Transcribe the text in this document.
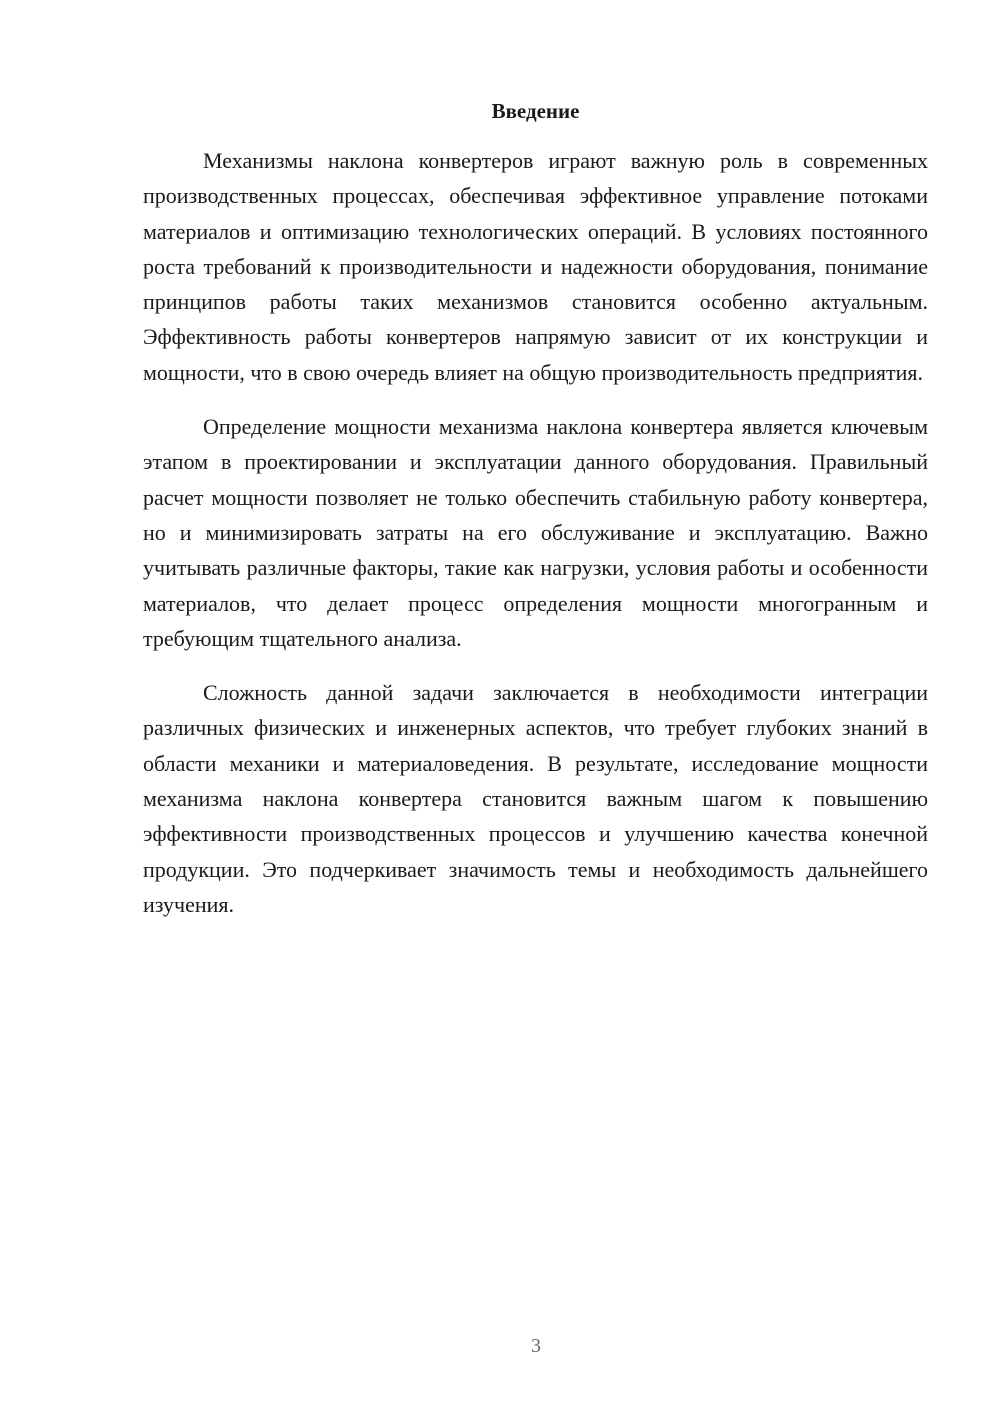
Введение

Механизмы наклона конвертеров играют важную роль в современных производственных процессах, обеспечивая эффективное управление потоками материалов и оптимизацию технологических операций. В условиях постоянного роста требований к производительности и надежности оборудования, понимание принципов работы таких механизмов становится особенно актуальным. Эффективность работы конвертеров напрямую зависит от их конструкции и мощности, что в свою очередь влияет на общую производительность предприятия.

Определение мощности механизма наклона конвертера является ключевым этапом в проектировании и эксплуатации данного оборудования. Правильный расчет мощности позволяет не только обеспечить стабильную работу конвертера, но и минимизировать затраты на его обслуживание и эксплуатацию. Важно учитывать различные факторы, такие как нагрузки, условия работы и особенности материалов, что делает процесс определения мощности многогранным и требующим тщательного анализа.

Сложность данной задачи заключается в необходимости интеграции различных физических и инженерных аспектов, что требует глубоких знаний в области механики и материаловедения. В результате, исследование мощности механизма наклона конвертера становится важным шагом к повышению эффективности производственных процессов и улучшению качества конечной продукции. Это подчеркивает значимость темы и необходимость дальнейшего изучения.

3
